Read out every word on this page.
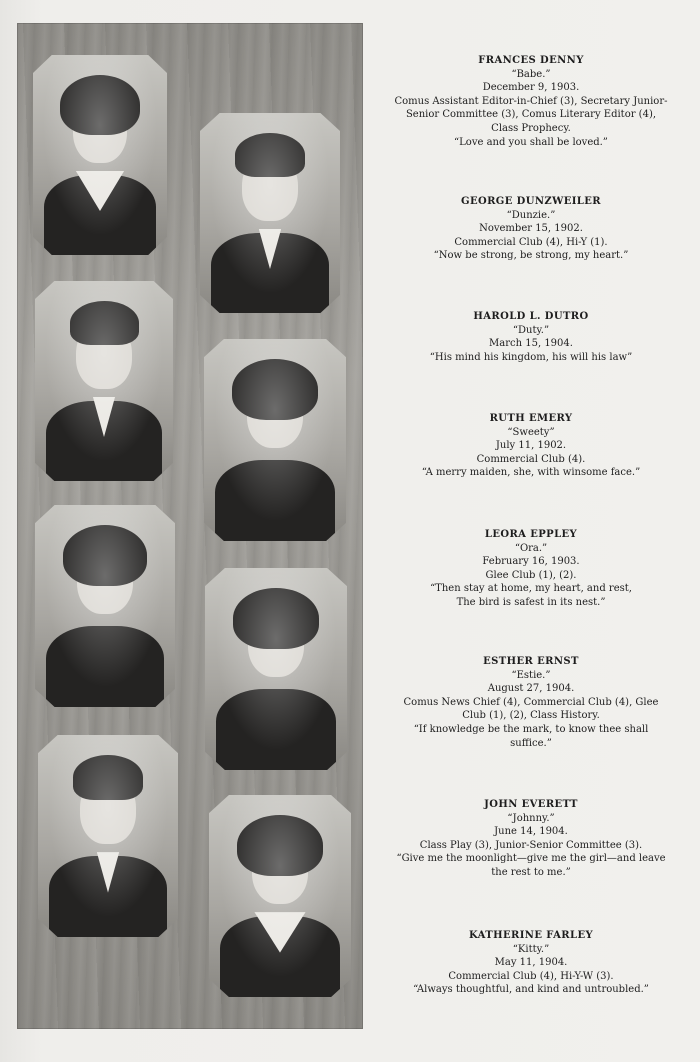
FRANCES DENNY
“Babe.”
December 9, 1903.
Comus Assistant Editor-in-Chief (3), Secretary Junior-
Senior Committee (3), Comus Literary Editor (4),
Class Prophecy.
“Love and you shall be loved.”
GEORGE DUNZWEILER
“Dunzie.”
November 15, 1902.
Commercial Club (4), Hi-Y (1).
“Now be strong, be strong, my heart.”
HAROLD L. DUTRO
“Duty.”
March 15, 1904.
“His mind his kingdom, his will his law”
RUTH EMERY
“Sweety”
July 11, 1902.
Commercial Club (4).
“A merry maiden, she, with winsome face.”
LEORA EPPLEY
“Ora.”
February 16, 1903.
Glee Club (1), (2).
“Then stay at home, my heart, and rest,
The bird is safest in its nest.”
ESTHER ERNST
“Estie.”
August 27, 1904.
Comus News Chief (4), Commercial Club (4), Glee
Club (1), (2), Class History.
“If knowledge be the mark, to know thee shall
suffice.”
JOHN EVERETT
“Johnny.”
June 14, 1904.
Class Play (3), Junior-Senior Committee (3).
“Give me the moonlight—give me the girl—and leave
the rest to me.”
KATHERINE FARLEY
“Kitty.”
May 11, 1904.
Commercial Club (4), Hi-Y-W (3).
“Always thoughtful, and kind and untroubled.”
